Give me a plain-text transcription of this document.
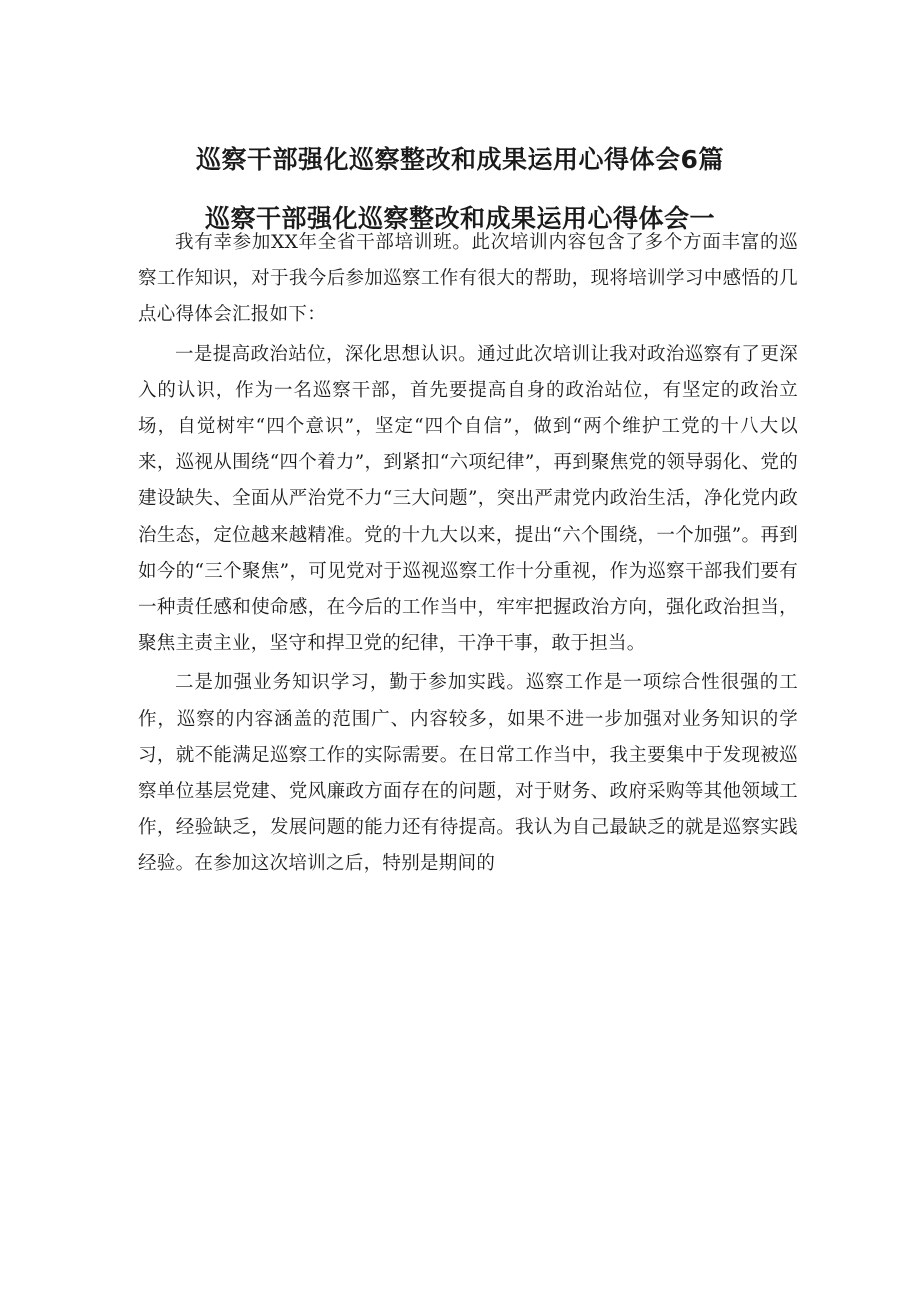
巡察干部强化巡察整改和成果运用心得体会6篇
巡察干部强化巡察整改和成果运用心得体会一

我有幸参加XX年全省干部培训班。此次培训内容包含了多个方面丰富的巡察工作知识，对于我今后参加巡察工作有很大的帮助，现将培训学习中感悟的几点心得体会汇报如下：

一是提高政治站位，深化思想认识。通过此次培训让我对政治巡察有了更深入的认识，作为一名巡察干部，首先要提高自身的政治站位，有坚定的政治立场，自觉树牢“四个意识”，坚定“四个自信”，做到“两个维护工党的十八大以来，巡视从围绕“四个着力”，到紧扣“六项纪律”，再到聚焦党的领导弱化、党的建设缺失、全面从严治党不力“三大问题”，突出严肃党内政治生活，净化党内政治生态，定位越来越精准。党的十九大以来，提出“六个围绕，一个加强”。再到如今的“三个聚焦”，可见党对于巡视巡察工作十分重视，作为巡察干部我们要有一种责任感和使命感，在今后的工作当中，牢牢把握政治方向，强化政治担当，聚焦主责主业，坚守和捍卫党的纪律，干净干事，敢于担当。

二是加强业务知识学习，勤于参加实践。巡察工作是一项综合性很强的工作，巡察的内容涵盖的范围广、内容较多，如果不进一步加强对业务知识的学习，就不能满足巡察工作的实际需要。在日常工作当中，我主要集中于发现被巡察单位基层党建、党风廉政方面存在的问题，对于财务、政府采购等其他领域工作，经验缺乏，发展问题的能力还有待提高。我认为自己最缺乏的就是巡察实践经验。在参加这次培训之后，特别是期间的
